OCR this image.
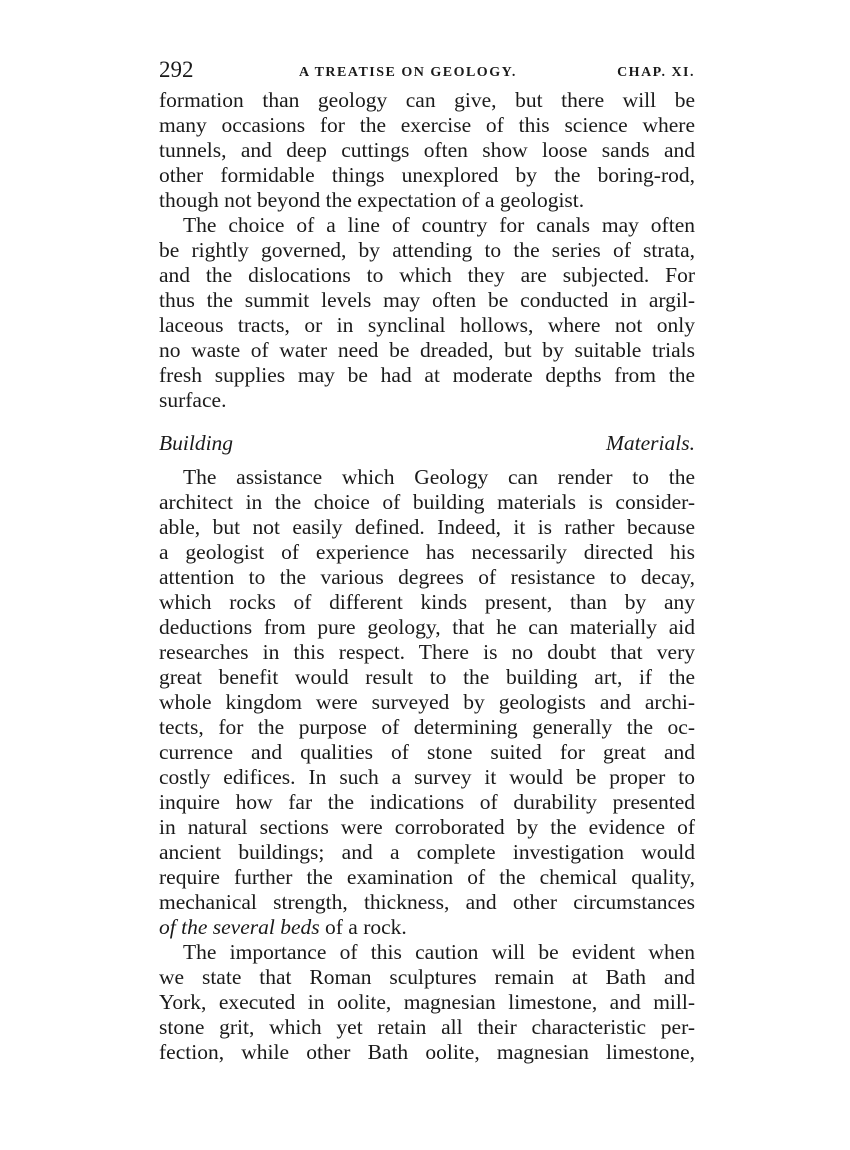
292	A TREATISE ON GEOLOGY.	CHAP. XI.
formation than geology can give, but there will be
many occasions for the exercise of this science where
tunnels, and deep cuttings often show loose sands and
other formidable things unexplored by the boring-rod,
though not beyond the expectation of a geologist.
The choice of a line of country for canals may often
be rightly governed, by attending to the series of strata,
and the dislocations to which they are subjected. For
thus the summit levels may often be conducted in argil-
laceous tracts, or in synclinal hollows, where not only
no waste of water need be dreaded, but by suitable trials
fresh supplies may be had at moderate depths from the
surface.
Building Materials.
The assistance which Geology can render to the
architect in the choice of building materials is consider-
able, but not easily defined. Indeed, it is rather because
a geologist of experience has necessarily directed his
attention to the various degrees of resistance to decay,
which rocks of different kinds present, than by any
deductions from pure geology, that he can materially aid
researches in this respect. There is no doubt that very
great benefit would result to the building art, if the
whole kingdom were surveyed by geologists and archi-
tects, for the purpose of determining generally the oc-
currence and qualities of stone suited for great and
costly edifices. In such a survey it would be proper to
inquire how far the indications of durability presented
in natural sections were corroborated by the evidence of
ancient buildings; and a complete investigation would
require further the examination of the chemical quality,
mechanical strength, thickness, and other circumstances
of the several beds of a rock.
The importance of this caution will be evident when
we state that Roman sculptures remain at Bath and
York, executed in oolite, magnesian limestone, and mill-
stone grit, which yet retain all their characteristic per-
fection, while other Bath oolite, magnesian limestone,
